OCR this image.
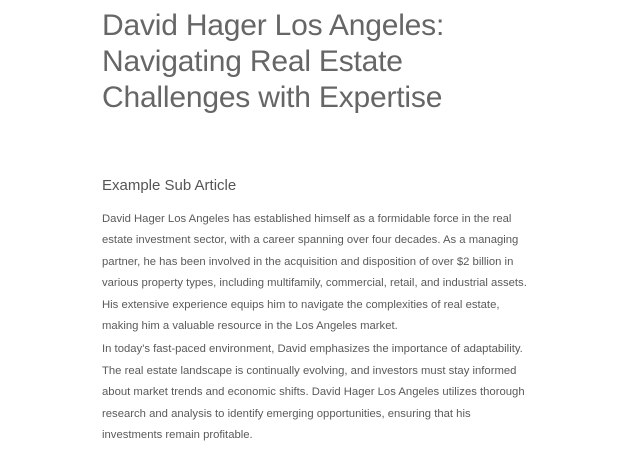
David Hager Los Angeles: Navigating Real Estate Challenges with Expertise
Example Sub Article

David Hager Los Angeles has established himself as a formidable force in the real estate investment sector, with a career spanning over four decades. As a managing partner, he has been involved in the acquisition and disposition of over $2 billion in various property types, including multifamily, commercial, retail, and industrial assets. His extensive experience equips him to navigate the complexities of real estate, making him a valuable resource in the Los Angeles market.

In today's fast-paced environment, David emphasizes the importance of adaptability. The real estate landscape is continually evolving, and investors must stay informed about market trends and economic shifts. David Hager Los Angeles utilizes thorough research and analysis to identify emerging opportunities, ensuring that his investments remain profitable.
